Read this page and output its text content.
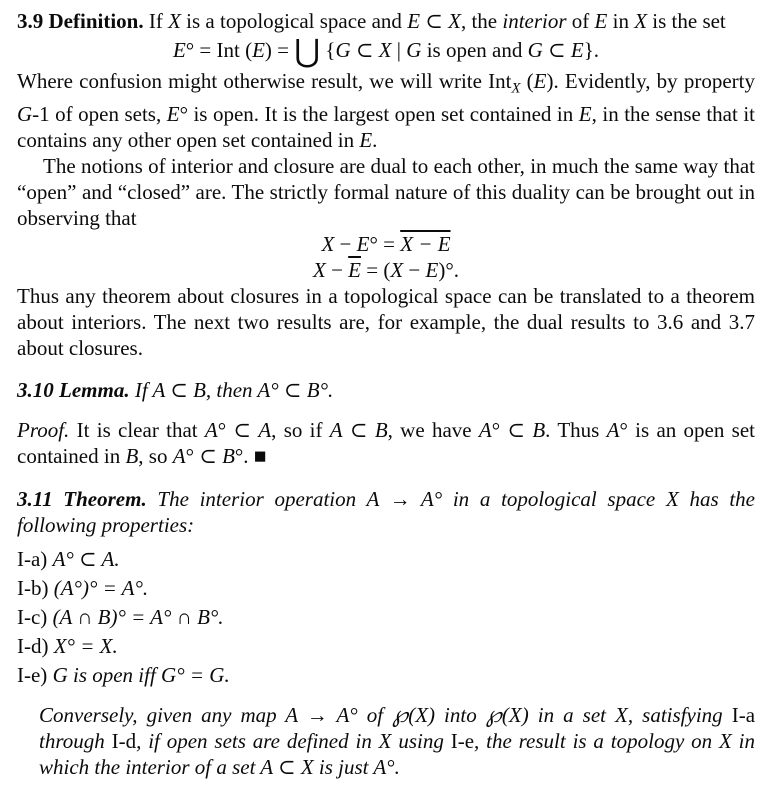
3.9 Definition. If X is a topological space and E ⊂ X, the interior of E in X is the set
E° = Int (E) = ⋃ {G ⊂ X | G is open and G ⊂ E}.
Where confusion might otherwise result, we will write Int$_X$ (E). Evidently, by property G-1 of open sets, E° is open. It is the largest open set contained in E, in the sense that it contains any other open set contained in E.
The notions of interior and closure are dual to each other, in much the same way that “open” and “closed” are. The strictly formal nature of this duality can be brought out in observing that
X − E° = X − E
$X - \overline{E} = (X - E)^\circ$.
Thus any theorem about closures in a topological space can be translated to a theorem about interiors. The next two results are, for example, the dual results to 3.6 and 3.7 about closures.
3.10 Lemma. If A ⊂ B, then A° ⊂ B°.
Proof. It is clear that A° ⊂ A, so if A ⊂ B, we have A° ⊂ B. Thus A° is an open set contained in B, so A° ⊂ B°. ■
3.11 Theorem. The interior operation A → A° in a topological space X has the following properties:
I-a) A° ⊂ A.
I-b) (A°)° = A°.
I-c) (A ∩ B)° = A° ∩ B°.
I-d) X° = X.
I-e) G is open iff G° = G.
Conversely, given any map A → A° of ℘(X) into ℘(X) in a set X, satisfying I-a through I-d, if open sets are defined in X using I-e, the result is a topology on X in which the interior of a set A ⊂ X is just A°.
